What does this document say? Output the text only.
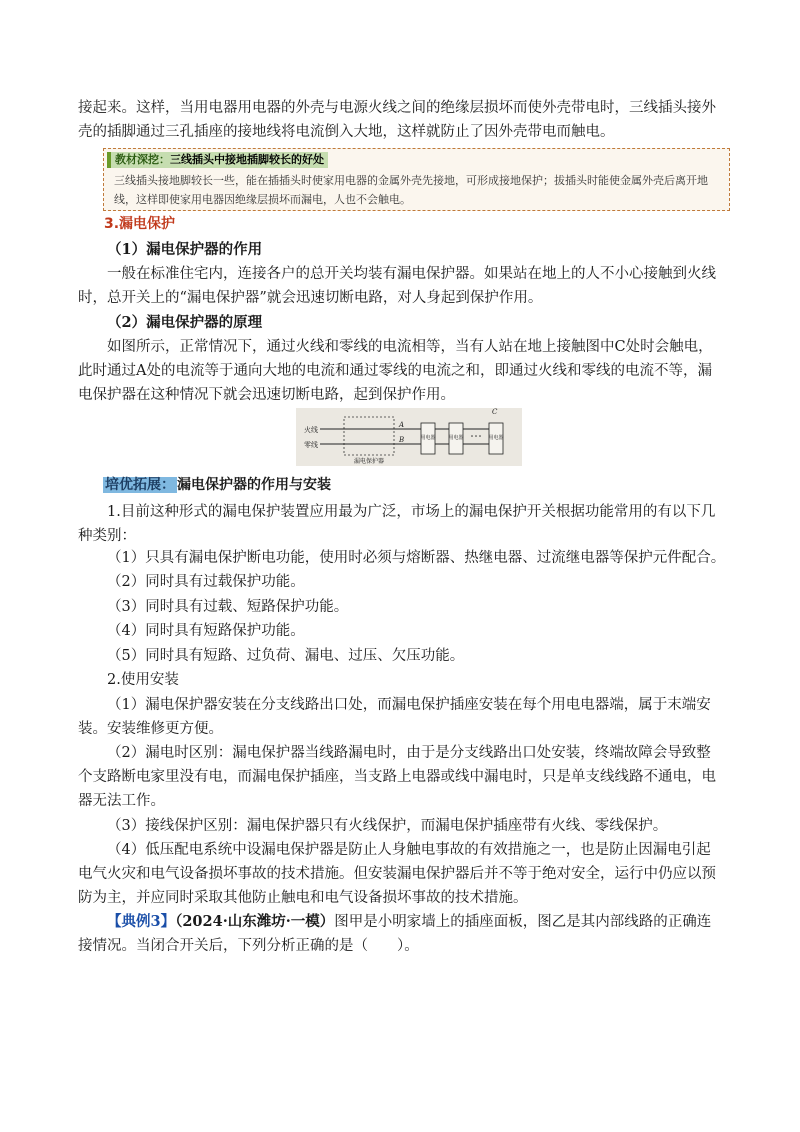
接起来。这样，当用电器用电器的外壳与电源火线之间的绝缘层损坏而使外壳带电时，三线插头接外壳的插脚通过三孔插座的接地线将电流倒入大地，这样就防止了因外壳带电而触电。

教材深挖：三线插头中接地插脚较长的好处

三线插头接地脚较长一些，能在插插头时使家用电器的金属外壳先接地，可形成接地保护；拔插头时能使金属外壳后离开地线，这样即使家用电器因绝缘层损坏而漏电，人也不会触电。

3.漏电保护

（1）漏电保护器的作用

一般在标准住宅内，连接各户的总开关均装有漏电保护器。如果站在地上的人不小心接触到火线时，总开关上的“漏电保护器”就会迅速切断电路，对人身起到保护作用。

（2）漏电保护器的原理

如图所示，正常情况下，通过火线和零线的电流相等，当有人站在地上接触图中C处时会触电，此时通过A处的电流等于通向大地的电流和通过零线的电流之和，即通过火线和零线的电流不等，漏电保护器在这种情况下就会迅速切断电路，起到保护作用。

火线
零线
A
B
C
用电器	用电器	用电器
漏电保护器
培优拓展： 漏电保护器的作用与安装

1.目前这种形式的漏电保护装置应用最为广泛，市场上的漏电保护开关根据功能常用的有以下几种类别：

（1）只具有漏电保护断电功能，使用时必须与熔断器、热继电器、过流继电器等保护元件配合。

（2）同时具有过载保护功能。

（3）同时具有过载、短路保护功能。

（4）同时具有短路保护功能。

（5）同时具有短路、过负荷、漏电、过压、欠压功能。

2.使用安装

（1）漏电保护器安装在分支线路出口处，而漏电保护插座安装在每个用电电器端，属于末端安装。安装维修更方便。

（2）漏电时区别：漏电保护器当线路漏电时，由于是分支线路出口处安装，终端故障会导致整个支路断电家里没有电，而漏电保护插座，当支路上电器或线中漏电时，只是单支线线路不通电，电器无法工作。

（3）接线保护区别：漏电保护器只有火线保护，而漏电保护插座带有火线、零线保护。

（4）低压配电系统中设漏电保护器是防止人身触电事故的有效措施之一，也是防止因漏电引起电气火灾和电气设备损坏事故的技术措施。但安装漏电保护器后并不等于绝对安全，运行中仍应以预防为主，并应同时采取其他防止触电和电气设备损坏事故的技术措施。

【典例3】（2024·山东潍坊·一模）图甲是小明家墙上的插座面板，图乙是其内部线路的正确连接情况。当闭合开关后，下列分析正确的是（　　）。
